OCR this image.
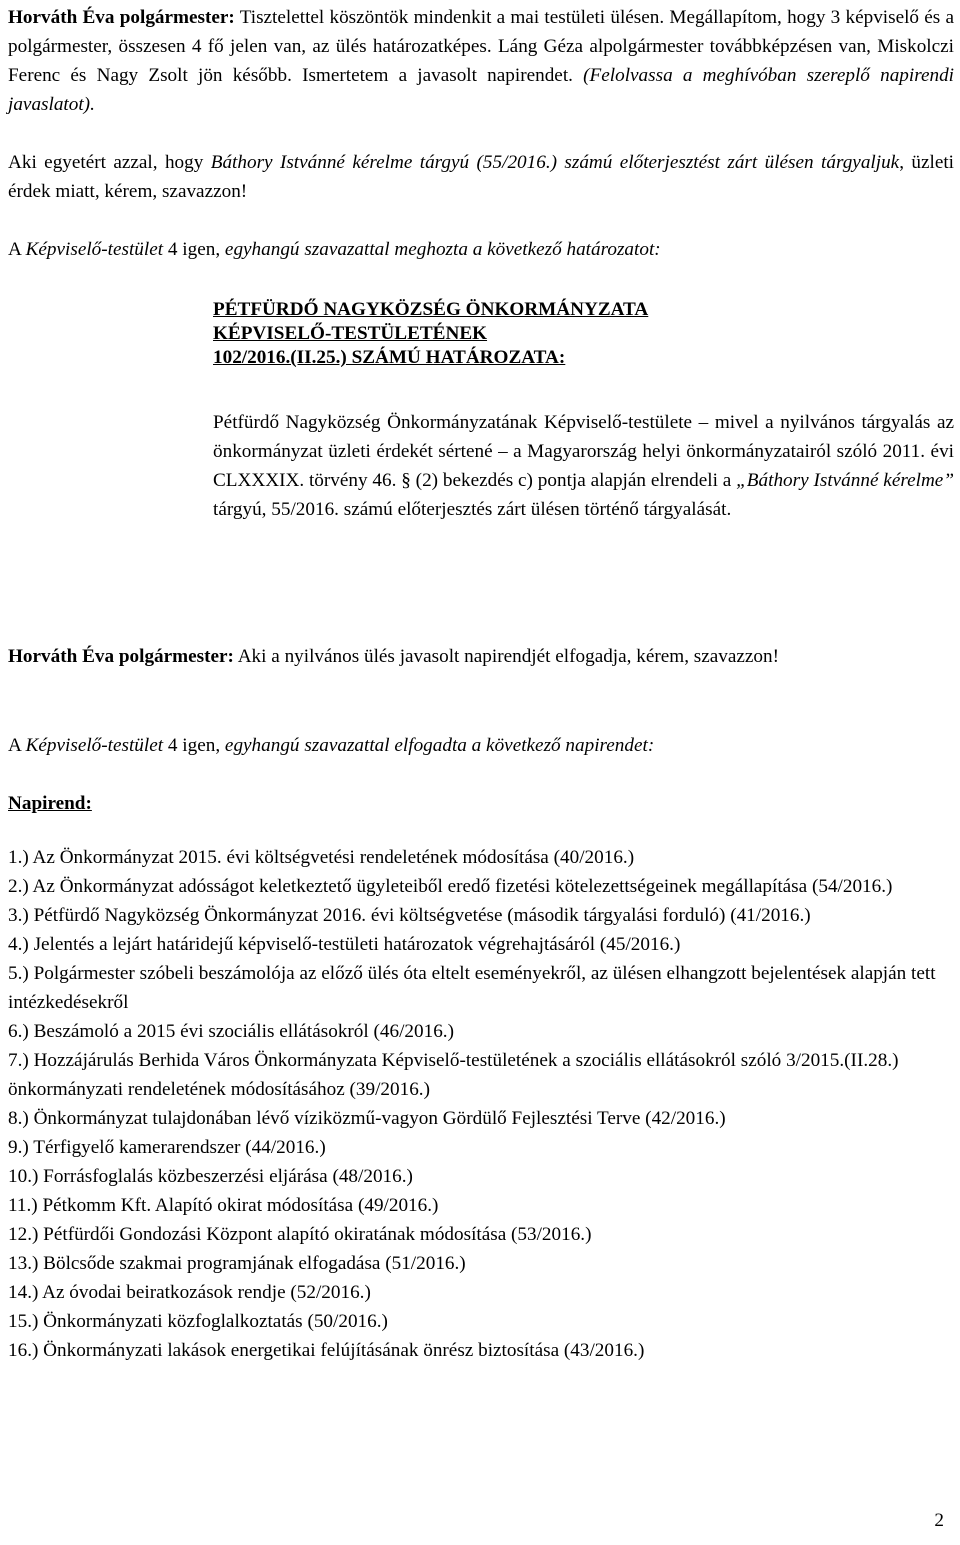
Horváth Éva polgármester: Tisztelettel köszöntök mindenkit a mai testületi ülésen. Megállapítom, hogy 3 képviselő és a polgármester, összesen 4 fő jelen van, az ülés határozatképes. Láng Géza alpolgármester továbbképzésen van, Miskolczi Ferenc és Nagy Zsolt jön később. Ismertetem a javasolt napirendet. (Felolvassa a meghívóban szereplő napirendi javaslatot).

Aki egyetért azzal, hogy Báthory Istvánné kérelme tárgyú (55/2016.) számú előterjesztést zárt ülésen tárgyaljuk, üzleti érdek miatt, kérem, szavazzon!

A Képviselő-testület 4 igen, egyhangú szavazattal meghozta a következő határozatot:

PÉTFÜRDŐ NAGYKÖZSÉG ÖNKORMÁNYZATA

KÉPVISELŐ-TESTÜLETÉNEK

102/2016.(II.25.) SZÁMÚ HATÁROZATA:

Pétfürdő Nagyközség Önkormányzatának Képviselő-testülete – mivel a nyilvános tárgyalás az önkormányzat üzleti érdekét sértené – a Magyarország helyi önkormányzatairól szóló 2011. évi CLXXXIX. törvény 46. § (2) bekezdés c) pontja alapján elrendeli a „Báthory Istvánné kérelme” tárgyú, 55/2016. számú előterjesztés zárt ülésen történő tárgyalását.

Horváth Éva polgármester: Aki a nyilvános ülés javasolt napirendjét elfogadja, kérem, szavazzon!

A Képviselő-testület 4 igen, egyhangú szavazattal elfogadta a következő napirendet:

Napirend:

1.) Az Önkormányzat 2015. évi költségvetési rendeletének módosítása (40/2016.)
2.) Az Önkormányzat adósságot keletkeztető ügyleteiből eredő fizetési kötelezettségeinek megállapítása (54/2016.)
3.) Pétfürdő Nagyközség Önkormányzat 2016. évi költségvetése (második tárgyalási forduló) (41/2016.)
4.) Jelentés a lejárt határidejű képviselő-testületi határozatok végrehajtásáról (45/2016.)
5.) Polgármester szóbeli beszámolója az előző ülés óta eltelt eseményekről, az ülésen elhangzott bejelentések alapján tett intézkedésekről
6.) Beszámoló a 2015 évi szociális ellátásokról (46/2016.)
7.) Hozzájárulás Berhida Város Önkormányzata Képviselő-testületének a szociális ellátásokról szóló 3/2015.(II.28.) önkormányzati rendeletének módosításához (39/2016.)
8.) Önkormányzat tulajdonában lévő víziközmű-vagyon Gördülő Fejlesztési Terve (42/2016.)
9.) Térfigyelő kamerarendszer (44/2016.)
10.) Forrásfoglalás közbeszerzési eljárása (48/2016.)
11.) Pétkomm Kft. Alapító okirat módosítása (49/2016.)
12.) Pétfürdői Gondozási Központ alapító okiratának módosítása (53/2016.)
13.) Bölcsőde szakmai programjának elfogadása (51/2016.)
14.) Az óvodai beiratkozások rendje (52/2016.)
15.) Önkormányzati közfoglalkoztatás (50/2016.)
16.) Önkormányzati lakások energetikai felújításának önrész biztosítása (43/2016.)
2
